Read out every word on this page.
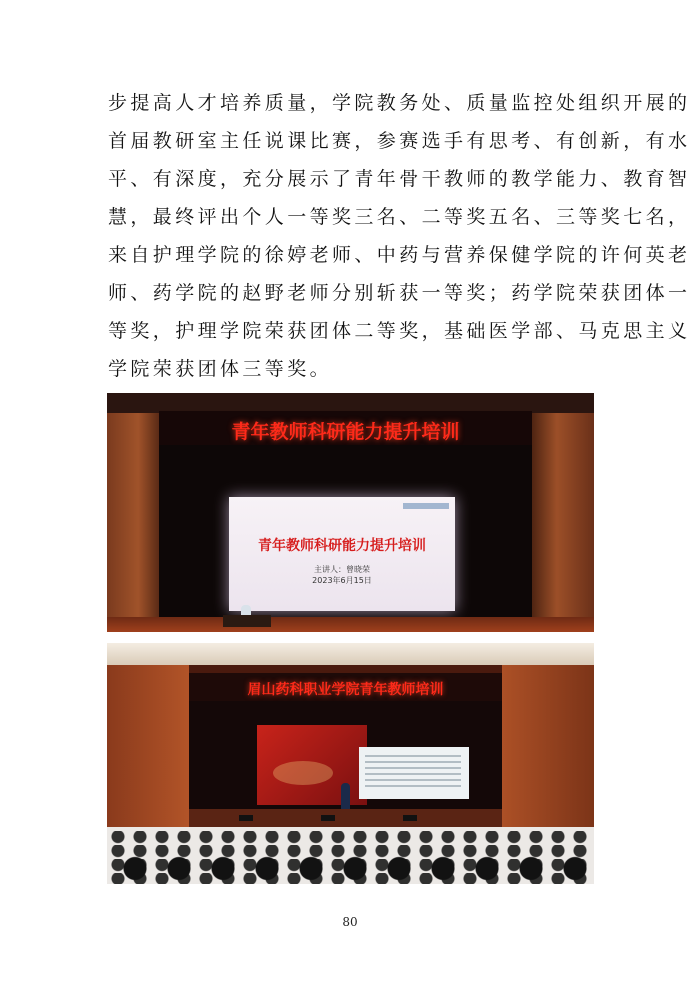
步提高人才培养质量，学院教务处、质量监控处组织开展的
首届教研室主任说课比赛，参赛选手有思考、有创新，有水
平、有深度，充分展示了青年骨干教师的教学能力、教育智
慧，最终评出个人一等奖三名、二等奖五名、三等奖七名，
来自护理学院的徐婷老师、中药与营养保健学院的许何英老
师、药学院的赵野老师分别斩获一等奖；药学院荣获团体一
等奖，护理学院荣获团体二等奖，基础医学部、马克思主义
学院荣获团体三等奖。
青年教师科研能力提升培训
青年教师科研能力提升培训
主讲人：曾晓荣
2023年6月15日
眉山药科职业学院青年教师培训
80
